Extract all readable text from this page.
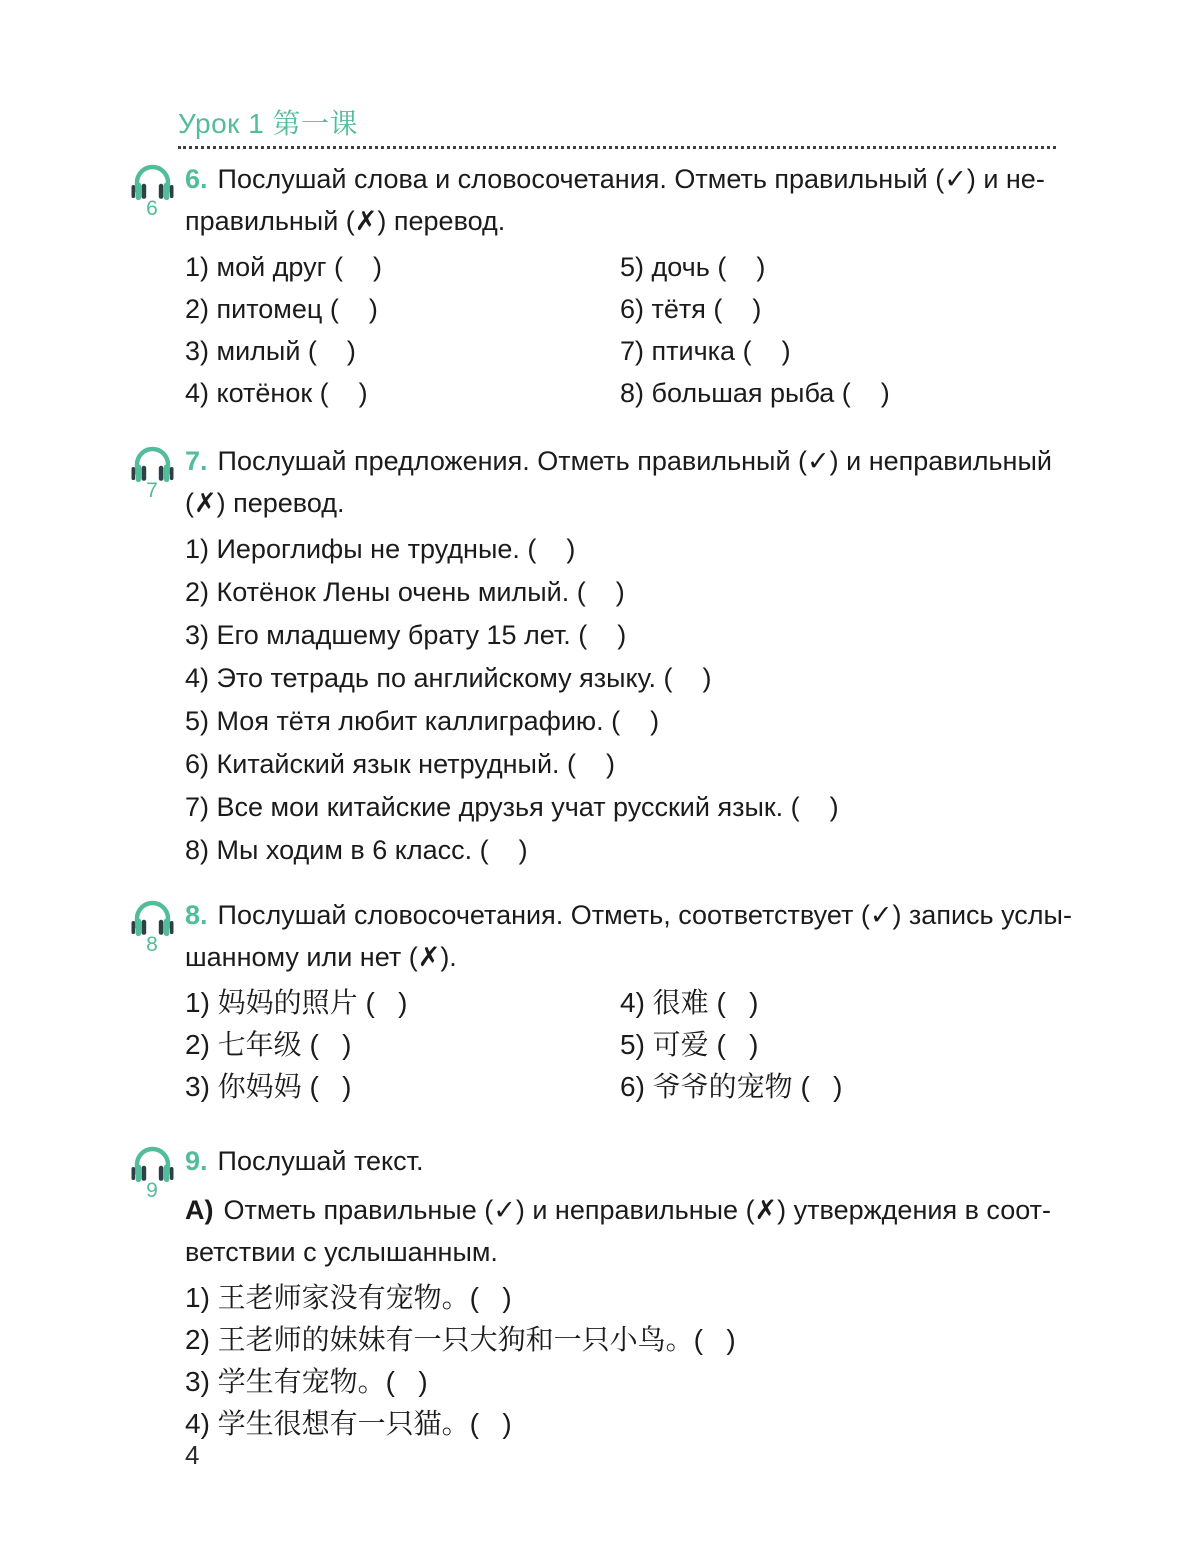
Урок 1 第一课
6
6. Послушай слова и словосочетания. Отметь правильный (✓) и не-
правильный (✗) перевод.
1) мой друг (    )
2) питомец (    )
3) милый (    )
4) котёнок (    )
5) дочь (    )
6) тётя (    )
7) птичка (    )
8) большая рыба (    )
7
7. Послушай предложения. Отметь правильный (✓) и неправильный
(✗) перевод.
1) Иероглифы не трудные. (    )
2) Котёнок Лены очень милый. (    )
3) Его младшему брату 15 лет. (    )
4) Это тетрадь по английскому языку. (    )
5) Моя тётя любит каллиграфию. (    )
6) Китайский язык нетрудный. (    )
7) Все мои китайские друзья учат русский язык. (    )
8) Мы ходим в 6 класс. (    )
8
8. Послушай словосочетания. Отметь, соответствует (✓) запись услы-
шанному или нет (✗).
1) 妈妈的照片 (   )
2) 七年级 (   )
3) 你妈妈 (   )
4) 很难 (   )
5) 可爱 (   )
6) 爷爷的宠物 (   )
9
9. Послушай текст.
А) Отметь правильные (✓) и неправильные (✗) утверждения в соот-
ветствии с услышанным.
1) 王老师家没有宠物。(   )
2) 王老师的妹妹有一只大狗和一只小鸟。(   )
3) 学生有宠物。(   )
4) 学生很想有一只猫。(   )
4
